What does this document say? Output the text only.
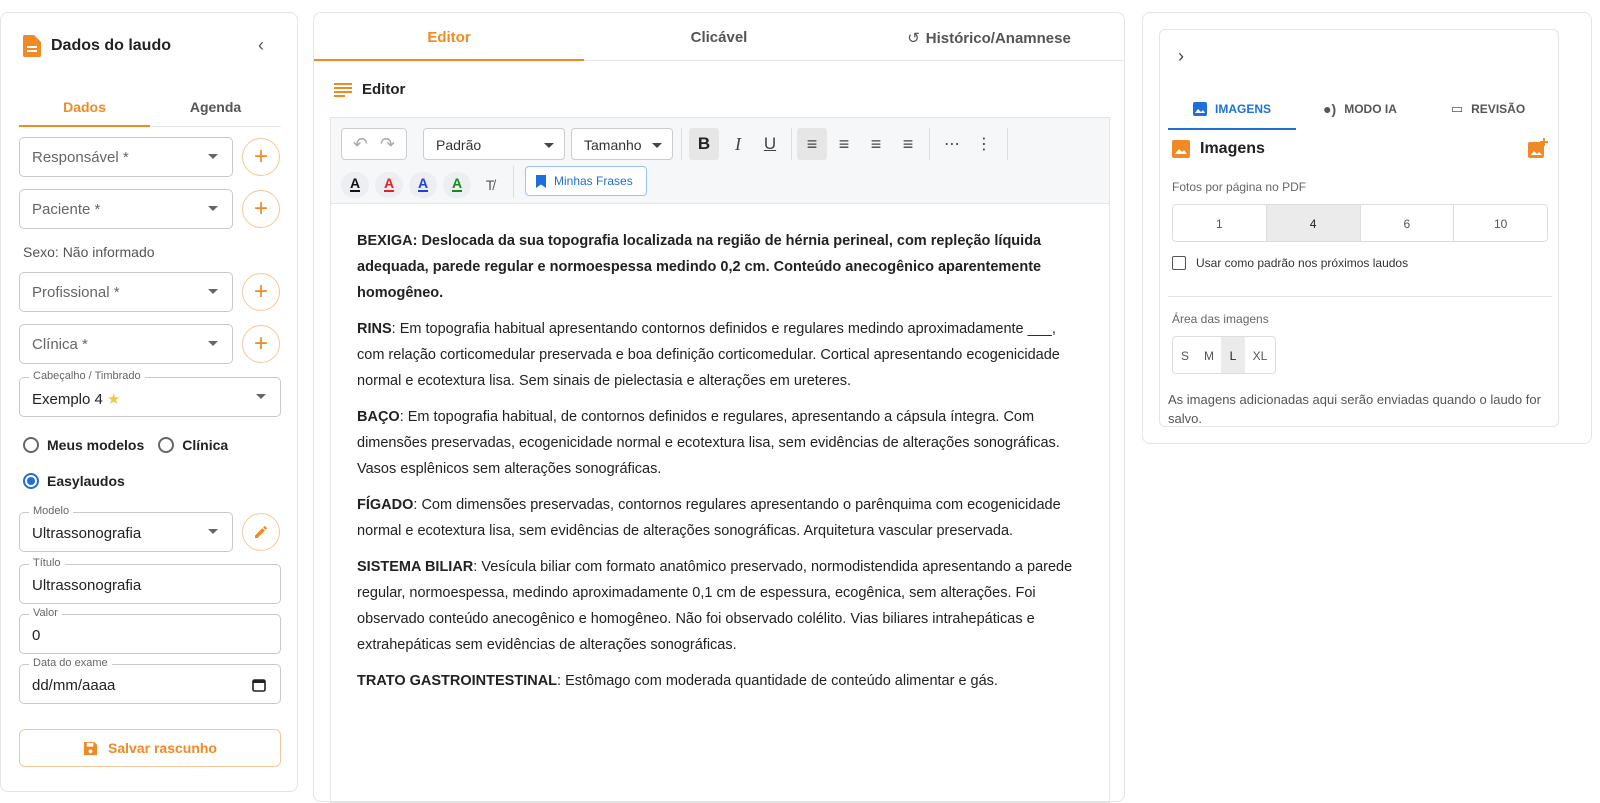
Dados do laudo	‹
Dados	Agenda
Responsável *	+
Paciente *	+
Sexo: Não informado
Profissional *	+
Clínica *	+
Cabeçalho / Timbrado
Exemplo 4 ★
Meus modelos	Clínica
Easylaudos
Modelo
Ultrassonografia
Título
Ultrassonografia
Valor
0
Data do exame
dd/mm/aaaa
Salvar rascunho
Editor	Clicável	↺ Histórico/Anamnese
Editor
↶ ↷	Padrão	Tamanho	B	I	U	≡	≡	≡	≡	⋯	⋮
A	A	A	A	T̸	Minhas Frases

BEXIGA: Deslocada da sua topografia localizada na região de hérnia perineal, com repleção líquida adequada, parede regular e normoespessa medindo 0,2 cm. Conteúdo anecogênico aparentemente homogêneo.

RINS: Em topografia habitual apresentando contornos definidos e regulares medindo aproximadamente ___, com relação corticomedular preservada e boa definição corticomedular. Cortical apresentando ecogenicidade normal e ecotextura lisa. Sem sinais de pielectasia e alterações em ureteres.

BAÇO: Em topografia habitual, de contornos definidos e regulares, apresentando a cápsula íntegra. Com dimensões preservadas, ecogenicidade normal e ecotextura lisa, sem evidências de alterações sonográficas. Vasos esplênicos sem alterações sonográficas.

FÍGADO: Com dimensões preservadas, contornos regulares apresentando o parênquima com ecogenicidade normal e ecotextura lisa, sem evidências de alterações sonográficas. Arquitetura vascular preservada.

SISTEMA BILIAR: Vesícula biliar com formato anatômico preservado, normodistendida apresentando a parede regular, normoespessa, medindo aproximadamente 0,1 cm de espessura, ecogênica, sem alterações. Foi observado conteúdo anecogênico e homogêneo. Não foi observado colélito. Vias biliares intrahepáticas e extrahepáticas sem evidências de alterações sonográficas.

TRATO GASTROINTESTINAL: Estômago com moderada quantidade de conteúdo alimentar e gás.

›
IMAGENS	●) MODO IA	▭ REVISÃO
Imagens
Fotos por página no PDF
1	4	6	10
Usar como padrão nos próximos laudos
Área das imagens
S	M	L	XL
As imagens adicionadas aqui serão enviadas quando o laudo for salvo.
